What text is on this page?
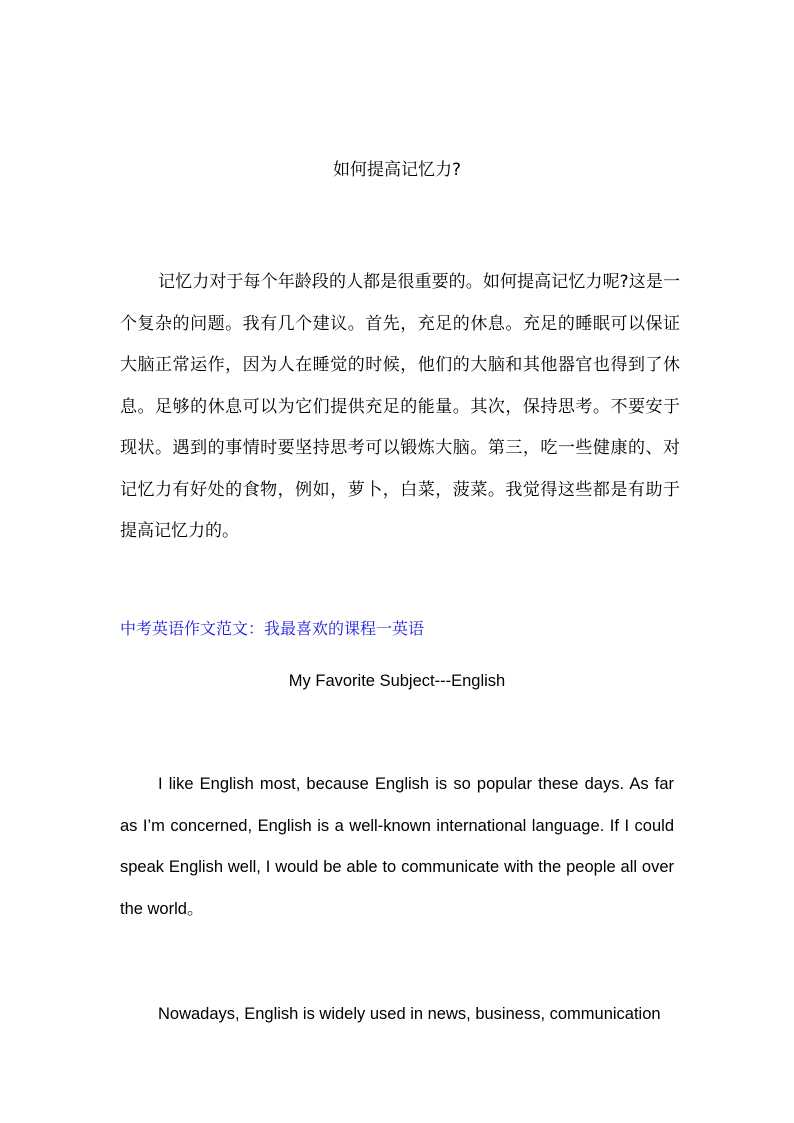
如何提高记忆力?

记忆力对于每个年龄段的人都是很重要的。如何提高记忆力呢?这是一个复杂的问题。我有几个建议。首先，充足的休息。充足的睡眠可以保证大脑正常运作，因为人在睡觉的时候，他们的大脑和其他器官也得到了休息。足够的休息可以为它们提供充足的能量。其次，保持思考。不要安于现状。遇到的事情时要坚持思考可以锻炼大脑。第三，吃一些健康的、对记忆力有好处的食物，例如，萝卜，白菜，菠菜。我觉得这些都是有助于提高记忆力的。

中考英语作文范文：我最喜欢的课程一英语
My Favorite Subject---English

I like English most, because English is so popular these days. As far as I’m concerned, English is a well-known international language. If I could speak English well, I would be able to communicate with the people all over the world。

Nowadays, English is widely used in news, business, communication
